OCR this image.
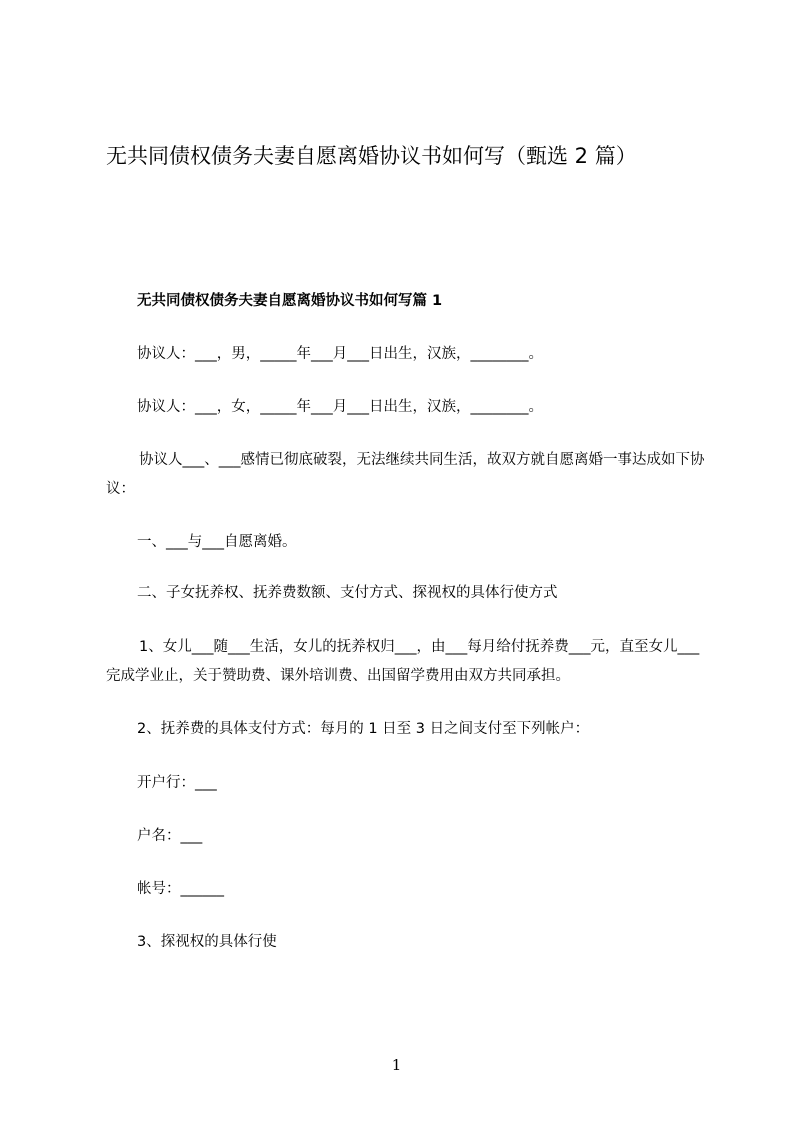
无共同债权债务夫妻自愿离婚协议书如何写（甄选 2 篇）
无共同债权债务夫妻自愿离婚协议书如何写篇 1

协议人：___，男，_____年___月___日出生，汉族，________。

协议人：___，女，_____年___月___日出生，汉族，________。

协议人___、___感情已彻底破裂，无法继续共同生活，故双方就自愿离婚一事达成如下协议：

一、___与___自愿离婚。

二、子女抚养权、抚养费数额、支付方式、探视权的具体行使方式

1、女儿___随___生活，女儿的抚养权归___，由___每月给付抚养费___元，直至女儿___完成学业止，关于赞助费、课外培训费、出国留学费用由双方共同承担。

2、抚养费的具体支付方式：每月的 1 日至 3 日之间支付至下列帐户：

开户行：___

户名：___

帐号：______

3、探视权的具体行使

1
